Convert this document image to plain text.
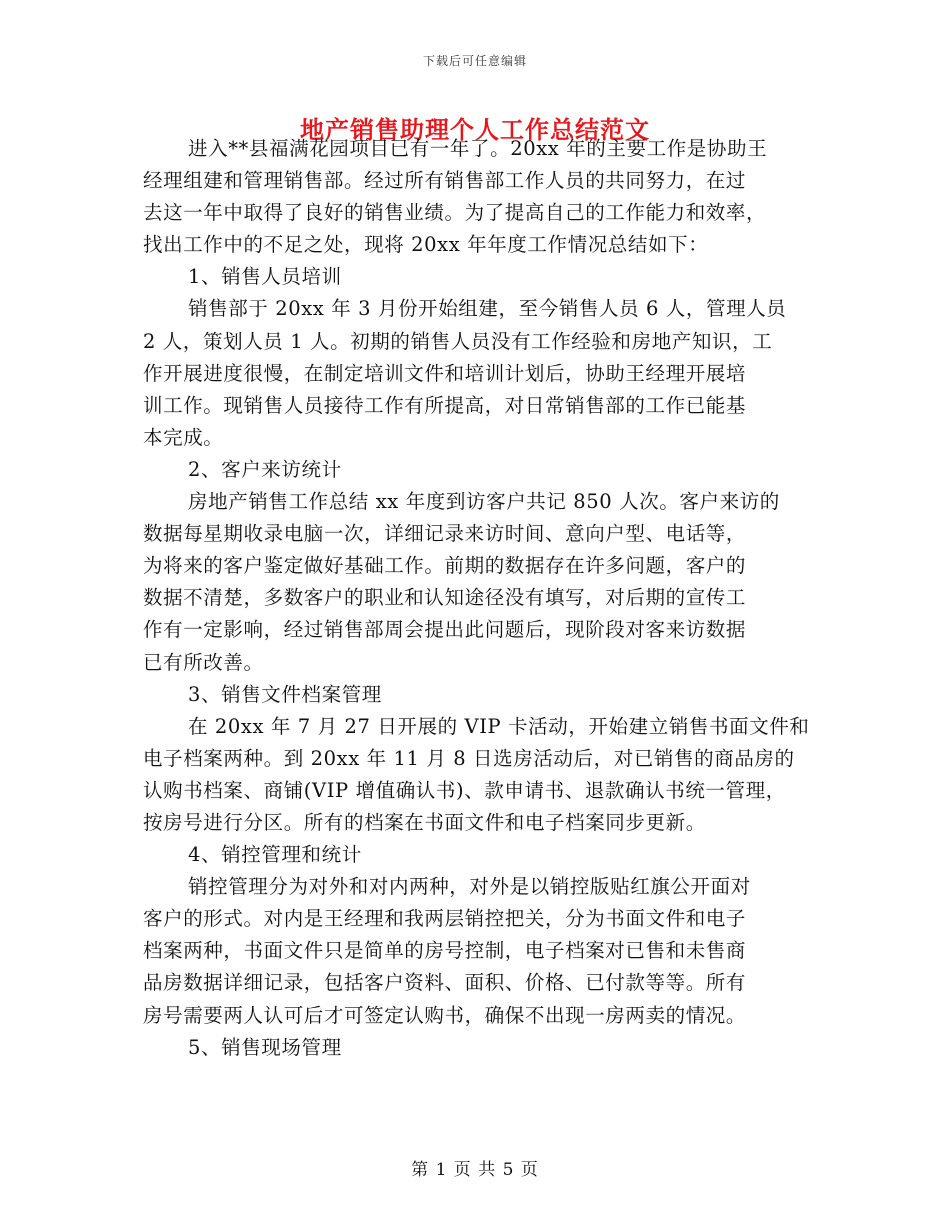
下载后可任意编辑
地产销售助理个人工作总结范文
进入**县福满花园项目已有一年了。20xx 年的主要工作是协助王
经理组建和管理销售部。经过所有销售部工作人员的共同努力，在过
去这一年中取得了良好的销售业绩。为了提高自己的工作能力和效率，
找出工作中的不足之处，现将 20xx 年年度工作情况总结如下：
1、销售人员培训
销售部于 20xx 年 3 月份开始组建，至今销售人员 6 人，管理人员
2 人，策划人员 1 人。初期的销售人员没有工作经验和房地产知识，工
作开展进度很慢，在制定培训文件和培训计划后，协助王经理开展培
训工作。现销售人员接待工作有所提高，对日常销售部的工作已能基
本完成。
2、客户来访统计
房地产销售工作总结 xx 年度到访客户共记 850 人次。客户来访的
数据每星期收录电脑一次，详细记录来访时间、意向户型、电话等，
为将来的客户鉴定做好基础工作。前期的数据存在许多问题，客户的
数据不清楚，多数客户的职业和认知途径没有填写，对后期的宣传工
作有一定影响，经过销售部周会提出此问题后，现阶段对客来访数据
已有所改善。
3、销售文件档案管理
在 20xx 年 7 月 27 日开展的 VIP 卡活动，开始建立销售书面文件和
电子档案两种。到 20xx 年 11 月 8 日选房活动后，对已销售的商品房的
认购书档案、商铺(VIP 增值确认书)、款申请书、退款确认书统一管理，
按房号进行分区。所有的档案在书面文件和电子档案同步更新。
4、销控管理和统计
销控管理分为对外和对内两种，对外是以销控版贴红旗公开面对
客户的形式。对内是王经理和我两层销控把关，分为书面文件和电子
档案两种，书面文件只是简单的房号控制，电子档案对已售和未售商
品房数据详细记录，包括客户资料、面积、价格、已付款等等。所有
房号需要两人认可后才可签定认购书，确保不出现一房两卖的情况。
5、销售现场管理
第 1 页 共 5 页
